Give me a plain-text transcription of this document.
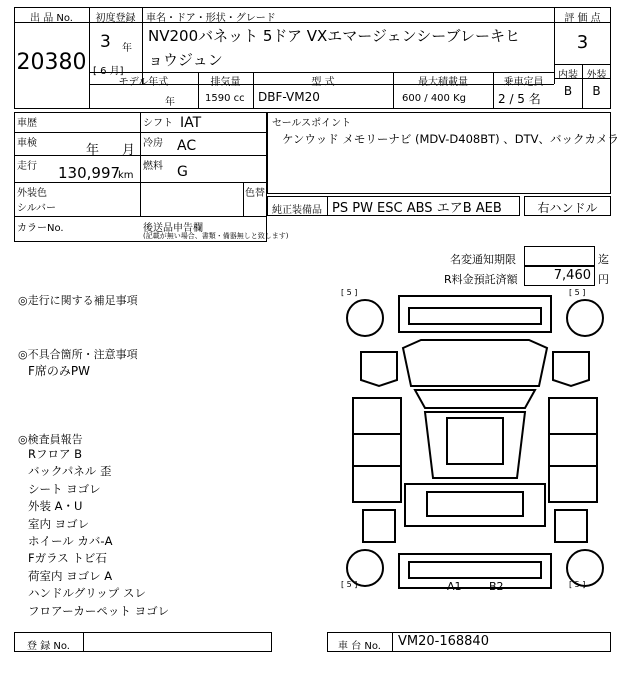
出 品 No.
20380
初度登録
3 年
[ 6 月]
車名・ドア・形状・グレード
NV200バネット 5ドア VXエマージェンシーブレーキヒ
ョウジュン
評 価 点
3
内装 外装
B	B
モデル年式	排気量	型 式	最大積載量	乗車定員
年	1590 cc DBF-VM20	600 / 400 Kg	2 / 5 名
車歴
車検	年 月
走行 130,997
km
シフト IAT
冷房 AC
燃料 G
外装色
シルバー
色替
カラーNo.	後送品申告欄
(記載が無い場合、書類・備器無しと致します)
セールスポイント
ケンウッド メモリーナビ (MDV-D408BT) 、DTV、バックカメラ
純正装備品 PS PW ESC ABS エアB AEB	右ハンドル
名変通知期限	迄
R料金預託済額	7,460 円
◎走行に関する補足事項
◎不具合箇所・注意事項
F席のみPW
◎検査員報告
Rフロア B
バックパネル 歪
シート ヨゴレ
外装 A・U
室内 ヨゴレ
ホイール カバ-A
Fガラス トビ石
荷室内 ヨゴレ A
ハンドルグリップ スレ
フロアーカーペット ヨゴレ
[ 5 ]	[ 5 ]
[ 5 ]	[ 5 ]
A1 B2
登 録 No.	車 台 No.	VM20-168840
